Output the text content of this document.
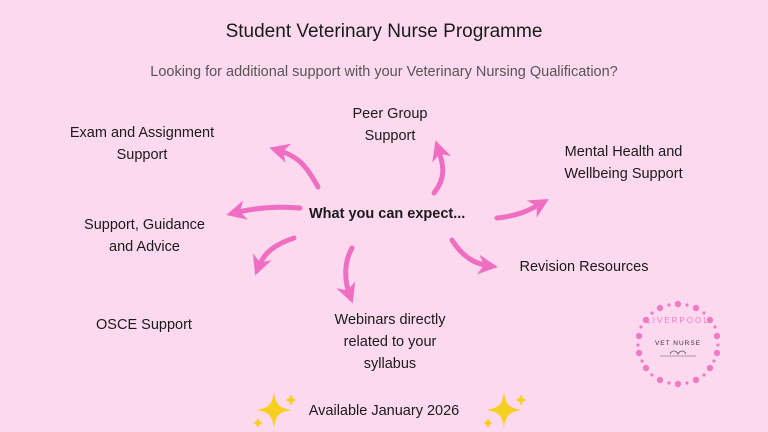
Student Veterinary Nurse Programme
Looking for additional support with your Veterinary Nursing Qualification?
What you can expect...
Peer Group
Support
Exam and Assignment
Support	Mental Health and
Wellbeing Support
Support, Guidance
and Advice
Revision Resources
OSCE Support	Webinars directly
related to your
syllabus
Available January 2026
LIVERPOOL
VET NURSE
